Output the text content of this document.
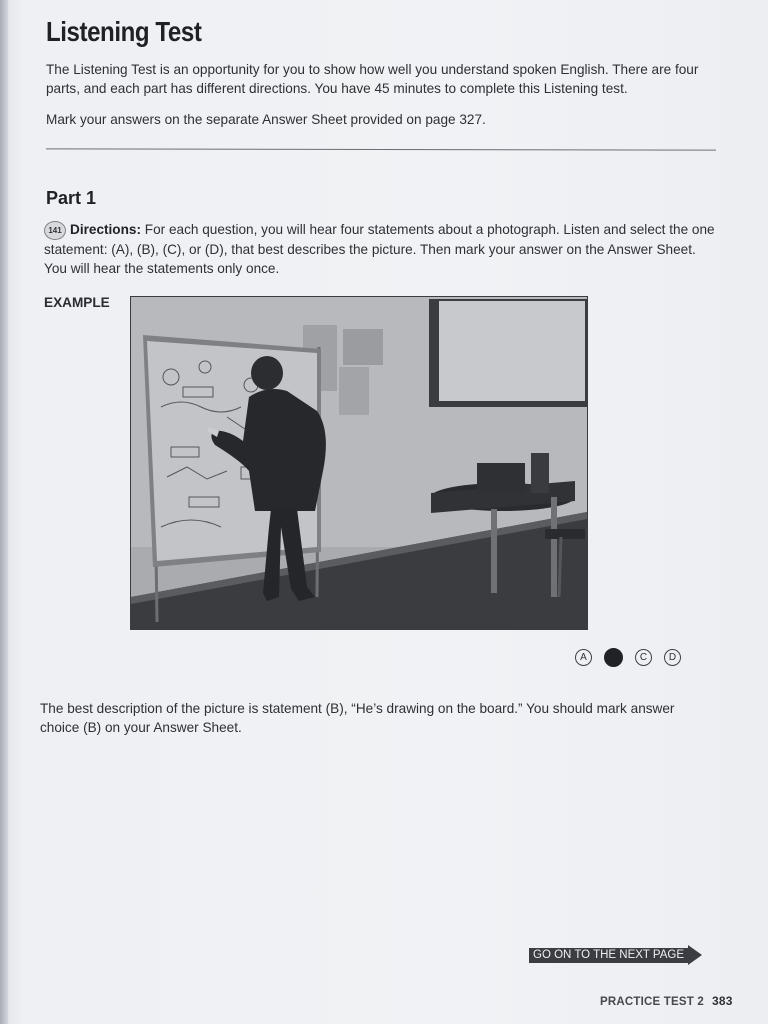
Listening Test
The Listening Test is an opportunity for you to show how well you understand spoken English. There are four parts, and each part has different directions. You have 45 minutes to complete this Listening test.
Mark your answers on the separate Answer Sheet provided on page 327.
Part 1
141 Directions: For each question, you will hear four statements about a photograph. Listen and select the one statement: (A), (B), (C), or (D), that best describes the picture. Then mark your answer on the Answer Sheet. You will hear the statements only once.
EXAMPLE
A	C	D
The best description of the picture is statement (B), “He’s drawing on the board.” You should mark answer choice (B) on your Answer Sheet.
GO ON TO THE NEXT PAGE
PRACTICE TEST 2 383
